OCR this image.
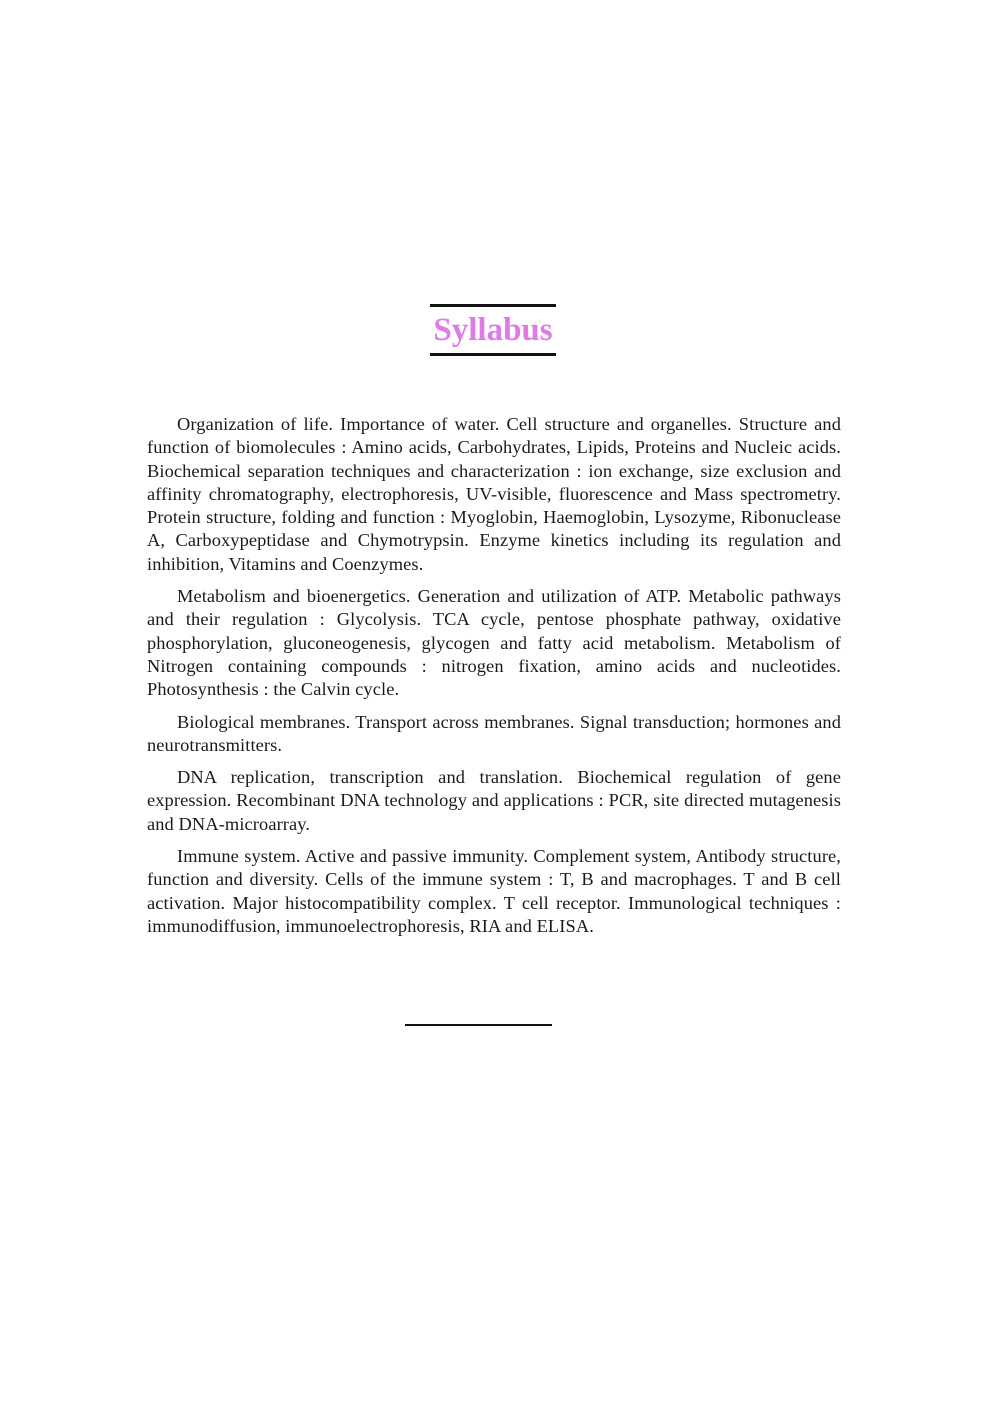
Syllabus

Organization of life. Importance of water. Cell structure and organelles. Structure and function of biomolecules : Amino acids, Carbohydrates, Lipids, Proteins and Nucleic acids. Biochemical separation techniques and characterization : ion exchange, size exclusion and affinity chromatography, electrophoresis, UV-visible, fluorescence and Mass spectrometry. Protein structure, folding and function : Myoglobin, Haemoglobin, Lysozyme, Ribonuclease A, Carboxypeptidase and Chymotrypsin. Enzyme kinetics including its regulation and inhibition, Vitamins and Coenzymes.

Metabolism and bioenergetics. Generation and utilization of ATP. Metabolic pathways and their regulation : Glycolysis. TCA cycle, pentose phosphate pathway, oxidative phosphorylation, gluconeogenesis, glycogen and fatty acid metabolism. Metabolism of Nitrogen containing compounds : nitrogen fixation, amino acids and nucleotides. Photosynthesis : the Calvin cycle.

Biological membranes. Transport across membranes. Signal transduction; hormones and neurotransmitters.

DNA replication, transcription and translation. Biochemical regulation of gene expression. Recombinant DNA technology and applications : PCR, site directed mutagenesis and DNA-microarray.

Immune system. Active and passive immunity. Complement system, Antibody structure, function and diversity. Cells of the immune system : T, B and macrophages. T and B cell activation. Major histocompatibility complex. T cell receptor. Immunological techniques : immunodiffusion, immunoelectrophoresis, RIA and ELISA.
